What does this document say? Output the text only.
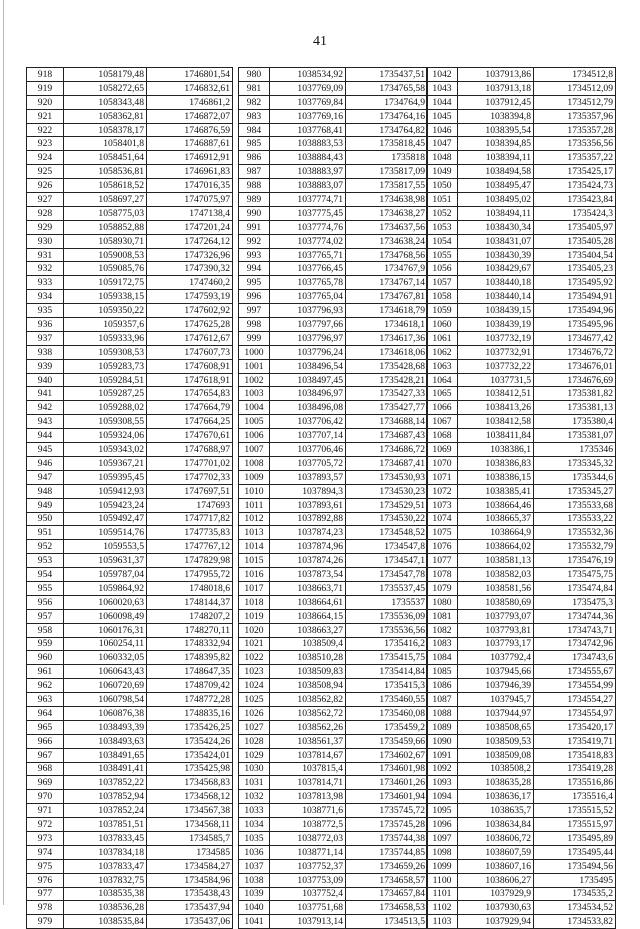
41
918	1058179,48	1746801,54
919	1058272,65	1746832,61
920	1058343,48	1746861,2
921	1058362,81	1746872,07
922	1058378,17	1746876,59
923	1058401,8	1746887,61
924	1058451,64	1746912,91
925	1058536,81	1746961,83
926	1058618,52	1747016,35
927	1058697,27	1747075,97
928	1058775,03	1747138,4
929	1058852,88	1747201,24
930	1058930,71	1747264,12
931	1059008,53	1747326,96
932	1059085,76	1747390,32
933	1059172,75	1747460,2
934	1059338,15	1747593,19
935	1059350,22	1747602,92
936	1059357,6	1747625,28
937	1059333,96	1747612,67
938	1059308,53	1747607,73
939	1059283,73	1747608,91
940	1059284,51	1747618,91
941	1059287,25	1747654,83
942	1059288,02	1747664,79
943	1059308,55	1747664,25
944	1059324,06	1747670,61
945	1059343,02	1747688,97
946	1059367,21	1747701,02
947	1059395,45	1747702,33
948	1059412,93	1747697,51
949	1059423,24	1747693
950	1059492,47	1747717,82
951	1059514,76	1747735,83
952	1059553,5	1747767,12
953	1059631,37	1747829,98
954	1059787,04	1747955,72
955	1059864,92	1748018,6
956	1060020,63	1748144,37
957	1060098,49	1748207,2
958	1060176,31	1748270,11
959	1060254,11	1748332,94
960	1060332,05	1748395,82
961	1060643,43	1748647,35
962	1060720,69	1748709,42
963	1060798,54	1748772,28
964	1060876,38	1748835,16
965	1038493,39	1735426,25
966	1038493,63	1735424,26
967	1038491,65	1735424,01
968	1038491,41	1735425,98
969	1037852,22	1734568,83
970	1037852,94	1734568,12
971	1037852,24	1734567,38
972	1037851,51	1734568,11
973	1037833,45	1734585,7
974	1037834,18	1734585
975	1037833,47	1734584,27
976	1037832,75	1734584,96
977	1038535,38	1735438,43
978	1038536,28	1735437,94
979	1038535,84	1735437,06
980	1038534,92	1735437,51
981	1037769,09	1734765,58
982	1037769,84	1734764,9
983	1037769,16	1734764,16
984	1037768,41	1734764,82
985	1038883,53	1735818,45
986	1038884,43	1735818
987	1038883,97	1735817,09
988	1038883,07	1735817,55
989	1037774,71	1734638,98
990	1037775,45	1734638,27
991	1037774,76	1734637,56
992	1037774,02	1734638,24
993	1037765,71	1734768,56
994	1037766,45	1734767,9
995	1037765,78	1734767,14
996	1037765,04	1734767,81
997	1037796,93	1734618,79
998	1037797,66	1734618,1
999	1037796,97	1734617,36
1000	1037796,24	1734618,06
1001	1038496,54	1735428,68
1002	1038497,45	1735428,21
1003	1038496,97	1735427,33
1004	1038496,08	1735427,77
1005	1037706,42	1734688,14
1006	1037707,14	1734687,43
1007	1037706,46	1734686,72
1008	1037705,72	1734687,41
1009	1037893,57	1734530,93
1010	1037894,3	1734530,23
1011	1037893,61	1734529,51
1012	1037892,88	1734530,22
1013	1037874,23	1734548,52
1014	1037874,96	1734547,8
1015	1037874,26	1734547,1
1016	1037873,54	1734547,78
1017	1038663,71	1735537,45
1018	1038664,61	1735537
1019	1038664,15	1735536,09
1020	1038663,27	1735536,56
1021	1038509,4	1735416,2
1022	1038510,28	1735415,75
1023	1038509,83	1735414,84
1024	1038508,94	1735415,3
1025	1038562,82	1735460,55
1026	1038562,72	1735460,08
1027	1038562,26	1735459,2
1028	1038561,37	1735459,66
1029	1037814,67	1734602,67
1030	1037815,4	1734601,98
1031	1037814,71	1734601,26
1032	1037813,98	1734601,94
1033	1038771,6	1735745,72
1034	1038772,5	1735745,28
1035	1038772,03	1735744,38
1036	1038771,14	1735744,85
1037	1037752,37	1734659,26
1038	1037753,09	1734658,57
1039	1037752,4	1734657,84
1040	1037751,68	1734658,53
1041	1037913,14	1734513,5
1042	1037913,86	1734512,8
1043	1037913,18	1734512,09
1044	1037912,45	1734512,79
1045	1038394,8	1735357,96
1046	1038395,54	1735357,28
1047	1038394,85	1735356,56
1048	1038394,11	1735357,22
1049	1038494,58	1735425,17
1050	1038495,47	1735424,73
1051	1038495,02	1735423,84
1052	1038494,11	1735424,3
1053	1038430,34	1735405,97
1054	1038431,07	1735405,28
1055	1038430,39	1735404,54
1056	1038429,67	1735405,23
1057	1038440,18	1735495,92
1058	1038440,14	1735494,91
1059	1038439,15	1735494,96
1060	1038439,19	1735495,96
1061	1037732,19	1734677,42
1062	1037732,91	1734676,72
1063	1037732,22	1734676,01
1064	1037731,5	1734676,69
1065	1038412,51	1735381,82
1066	1038413,26	1735381,13
1067	1038412,58	1735380,4
1068	1038411,84	1735381,07
1069	1038386,1	1735346
1070	1038386,83	1735345,32
1071	1038386,15	1735344,6
1072	1038385,41	1735345,27
1073	1038664,46	1735533,68
1074	1038665,37	1735533,22
1075	1038664,9	1735532,36
1076	1038664,02	1735532,79
1077	1038581,13	1735476,19
1078	1038582,03	1735475,75
1079	1038581,56	1735474,84
1080	1038580,69	1735475,3
1081	1037793,07	1734744,36
1082	1037793,81	1734743,71
1083	1037793,17	1734742,96
1084	1037792,4	1734743,6
1085	1037945,66	1734555,67
1086	1037946,39	1734554,99
1087	1037945,7	1734554,27
1088	1037944,97	1734554,97
1089	1038508,65	1735420,17
1090	1038509,53	1735419,71
1091	1038509,08	1735418,83
1092	1038508,2	1735419,28
1093	1038635,28	1735516,86
1094	1038636,17	1735516,4
1095	1038635,7	1735515,52
1096	1038634,84	1735515,97
1097	1038606,72	1735495,89
1098	1038607,59	1735495,44
1099	1038607,16	1735494,56
1100	1038606,27	1735495
1101	1037929,9	1734535,2
1102	1037930,63	1734534,52
1103	1037929,94	1734533,82
